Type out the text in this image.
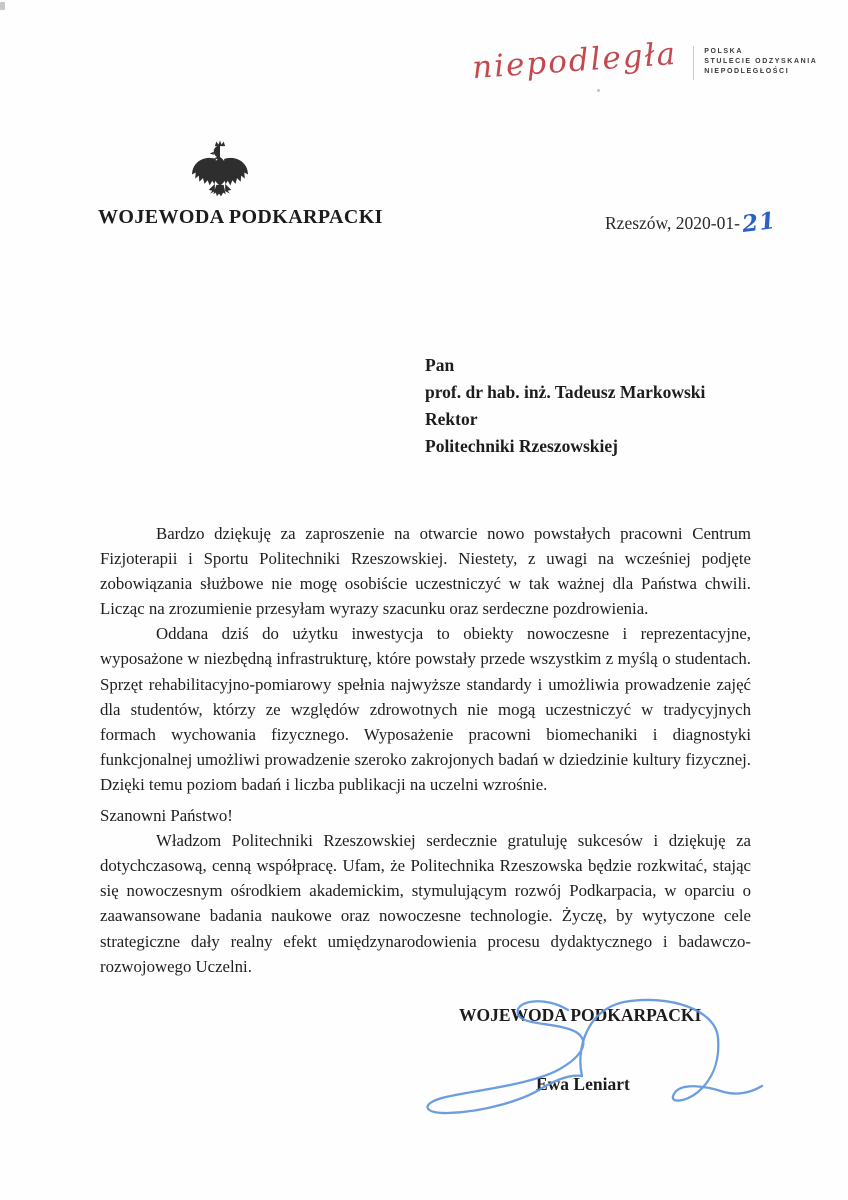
niepodległa	POLSKA
STULECIE ODZYSKANIA
NIEPODLEGŁOŚCI
WOJEWODA PODKARPACKI	Rzeszów, 2020-01-21
Pan
prof. dr hab. inż. Tadeusz Markowski
Rektor
Politechniki Rzeszowskiej

Bardzo dziękuję za zaproszenie na otwarcie nowo powstałych pracowni Centrum Fizjoterapii i Sportu Politechniki Rzeszowskiej. Niestety, z uwagi na wcześniej podjęte zobowiązania służbowe nie mogę osobiście uczestniczyć w tak ważnej dla Państwa chwili. Licząc na zrozumienie przesyłam wyrazy szacunku oraz serdeczne pozdrowienia.

Oddana dziś do użytku inwestycja to obiekty nowoczesne i reprezentacyjne, wyposażone w niezbędną infrastrukturę, które powstały przede wszystkim z myślą o studentach. Sprzęt rehabilitacyjno-pomiarowy spełnia najwyższe standardy i umożliwia prowadzenie zajęć dla studentów, którzy ze względów zdrowotnych nie mogą uczestniczyć w tradycyjnych formach wychowania fizycznego. Wyposażenie pracowni biomechaniki i diagnostyki funkcjonalnej umożliwi prowadzenie szeroko zakrojonych badań w dziedzinie kultury fizycznej. Dzięki temu poziom badań i liczba publikacji na uczelni wzrośnie.

Szanowni Państwo!

Władzom Politechniki Rzeszowskiej serdecznie gratuluję sukcesów i dziękuję za dotychczasową, cenną współpracę. Ufam, że Politechnika Rzeszowska będzie rozkwitać, stając się nowoczesnym ośrodkiem akademickim, stymulującym rozwój Podkarpacia, w oparciu o zaawansowane badania naukowe oraz nowoczesne technologie. Życzę, by wytyczone cele strategiczne dały realny efekt umiędzynarodowienia procesu dydaktycznego i badawczo-rozwojowego Uczelni.

WOJEWODA PODKARPACKI
Ewa Leniart
